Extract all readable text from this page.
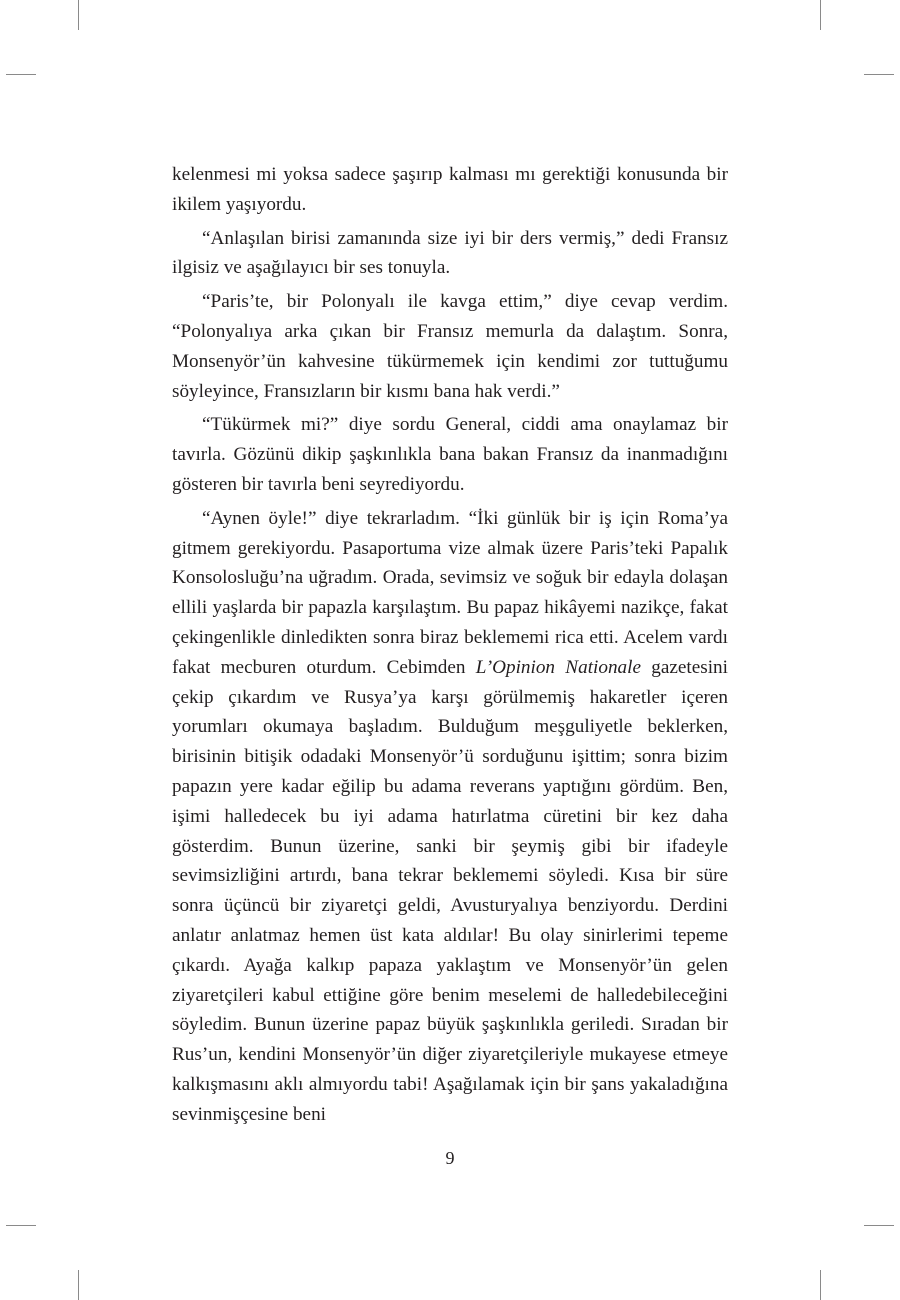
kelenmesi mi yoksa sadece şaşırıp kalması mı gerektiği konusunda bir ikilem yaşıyordu.

“Anlaşılan birisi zamanında size iyi bir ders vermiş,” dedi Fransız ilgisiz ve aşağılayıcı bir ses tonuyla.

“Paris’te, bir Polonyalı ile kavga ettim,” diye cevap verdim. “Polonyalıya arka çıkan bir Fransız memurla da dalaştım. Sonra, Monsenyör’ün kahvesine tükürmemek için kendimi zor tuttuğumu söyleyince, Fransızların bir kısmı bana hak verdi.”

“Tükürmek mi?” diye sordu General, ciddi ama onaylamaz bir tavırla. Gözünü dikip şaşkınlıkla bana bakan Fransız da inanmadığını gösteren bir tavırla beni seyrediyordu.

“Aynen öyle!” diye tekrarladım. “İki günlük bir iş için Roma’ya gitmem gerekiyordu. Pasaportuma vize almak üzere Paris’teki Papalık Konsolosluğu’na uğradım. Orada, sevimsiz ve soğuk bir edayla dolaşan ellili yaşlarda bir papazla karşılaştım. Bu papaz hikâyemi nazikçe, fakat çekingenlikle dinledikten sonra biraz beklememi rica etti. Acelem vardı fakat mecburen oturdum. Cebimden L’Opinion Nationale gazetesini çekip çıkardım ve Rusya’ya karşı görülmemiş hakaretler içeren yorumları okumaya başladım. Bulduğum meşguliyetle beklerken, birisinin bitişik odadaki Monsenyör’ü sorduğunu işittim; sonra bizim papazın yere kadar eğilip bu adama reverans yaptığını gördüm. Ben, işimi halledecek bu iyi adama hatırlatma cüretini bir kez daha gösterdim. Bunun üzerine, sanki bir şeymiş gibi bir ifadeyle sevimsizliğini artırdı, bana tekrar beklememi söyledi. Kısa bir süre sonra üçüncü bir ziyaretçi geldi, Avusturyalıya benziyordu. Derdini anlatır anlatmaz hemen üst kata aldılar! Bu olay sinirlerimi tepeme çıkardı. Ayağa kalkıp papaza yaklaştım ve Monsenyör’ün gelen ziyaretçileri kabul ettiğine göre benim meselemi de halledebileceğini söyledim. Bunun üzerine papaz büyük şaşkınlıkla geriledi. Sıradan bir Rus’un, kendini Monsenyör’ün diğer ziyaretçileriyle mukayese etmeye kalkışmasını aklı almıyordu tabi! Aşağılamak için bir şans yakaladığına sevinmişçesine beni

9
